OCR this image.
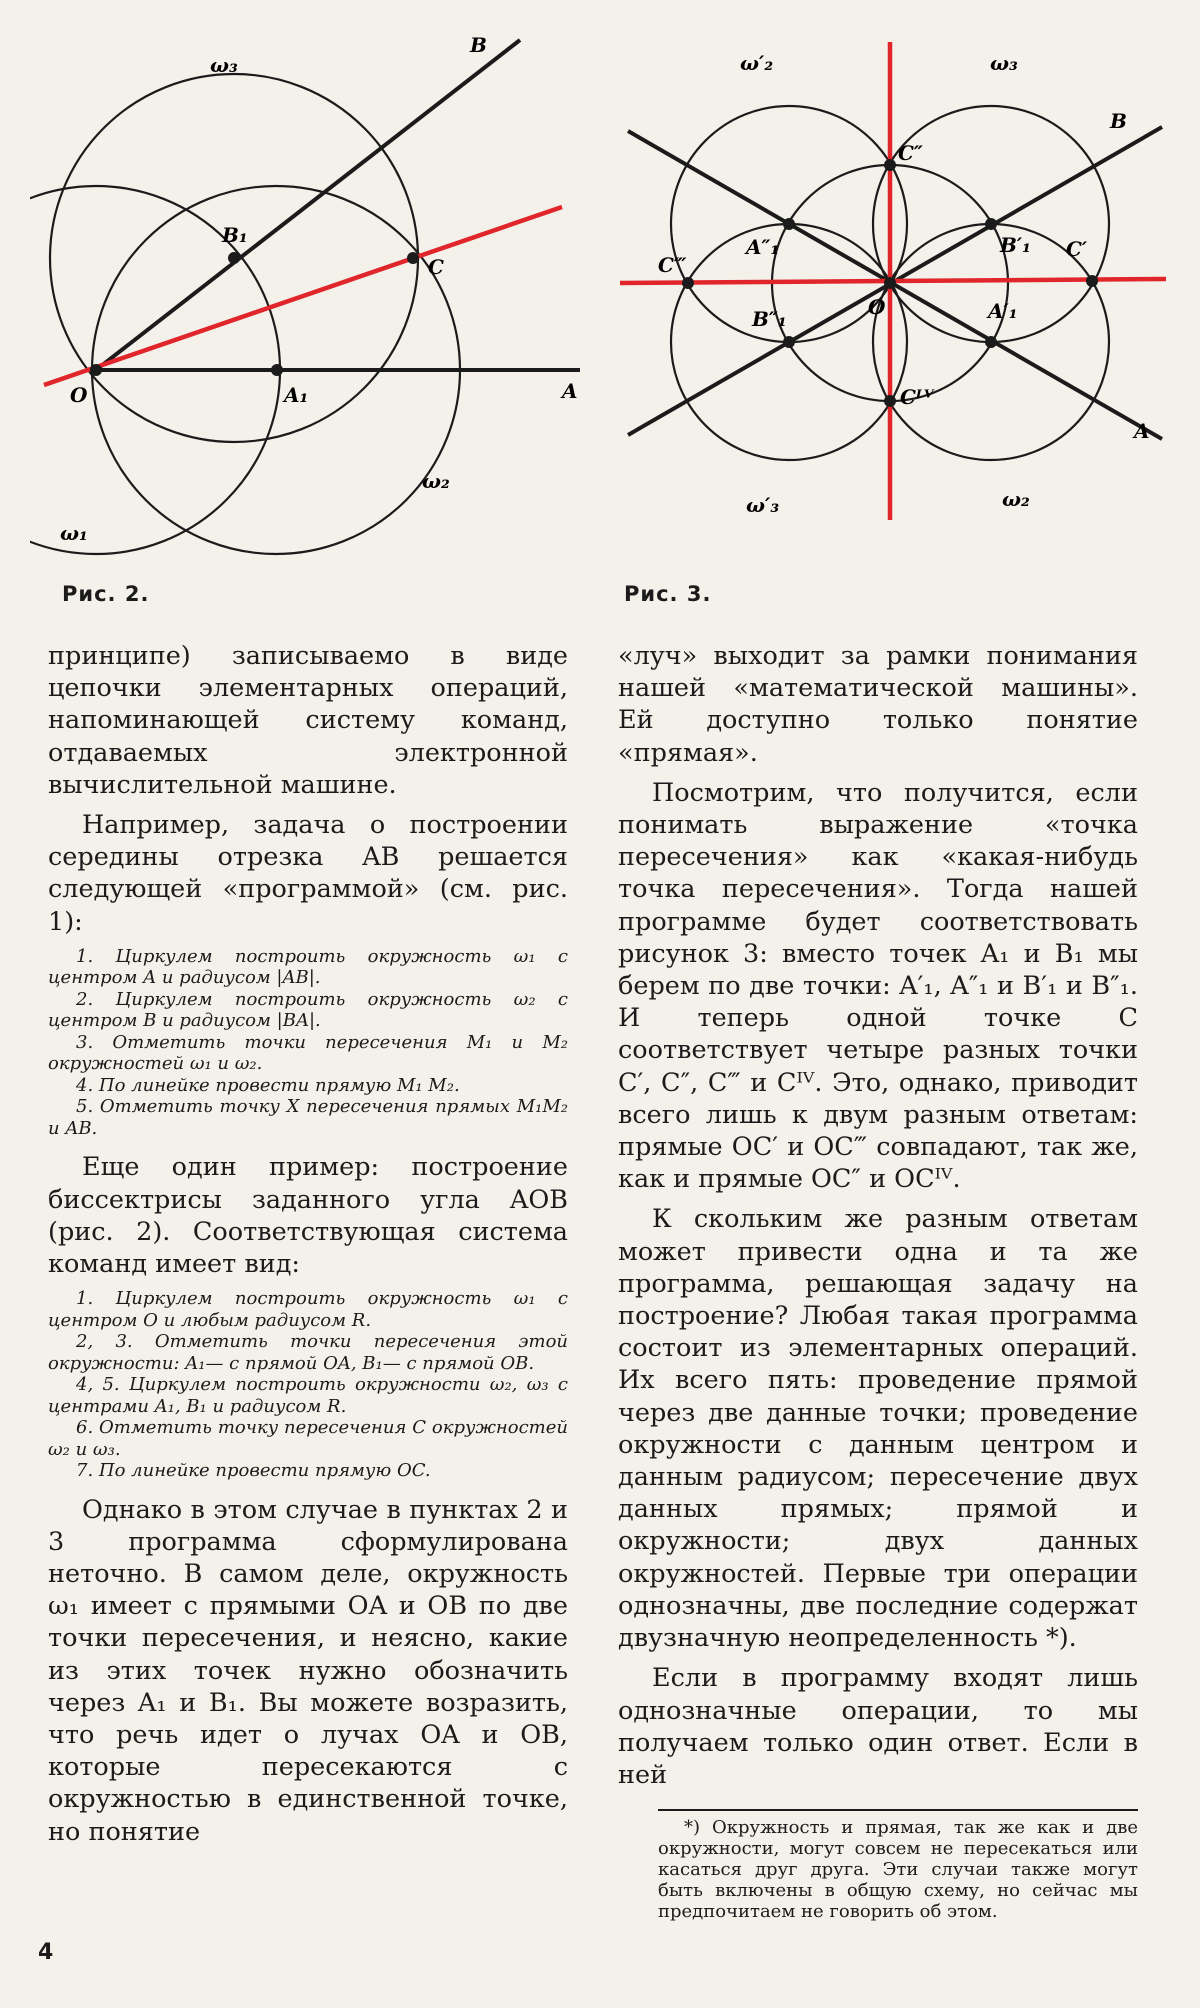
ω₃
B
B₁
C
O	A₁	A
ω₂
ω₁
ω′₂	ω₃
B
C″
C‴
A″₁	B′₁ C′
O
B″₁	A′₁
Cᴵⱽ
A
ω′₃	ω₂
Рис. 2.	Рис. 3.

принципе) записываемо в виде цепочки элементарных операций, напоминающей систему команд, отдаваемых электронной вычислительной машине.

Например, задача о построении середины отрезка AB решается следующей «программой» (см. рис. 1):

1. Циркулем построить окружность ω₁ с центром A и радиусом |AB|.
2. Циркулем построить окружность ω₂ с центром B и радиусом |BA|.
3. Отметить точки пересечения M₁ и M₂ окружностей ω₁ и ω₂.
4. По линейке провести прямую M₁ M₂.
5. Отметить точку X пересечения прямых M₁M₂ и AB.

Еще один пример: построение биссектрисы заданного угла AOB (рис. 2). Соответствующая система команд имеет вид:

1. Циркулем построить окружность ω₁ с центром O и любым радиусом R.
2, 3. Отметить точки пересечения этой окружности: A₁— с прямой OA, B₁— с прямой OB.
4, 5. Циркулем построить окружности ω₂, ω₃ с центрами A₁, B₁ и радиусом R.
6. Отметить точку пересечения C окружностей ω₂ и ω₃.
7. По линейке провести прямую OC.

Однако в этом случае в пунктах 2 и 3 программа сформулирована неточно. В самом деле, окружность ω₁ имеет с прямыми OA и OB по две точки пересечения, и неясно, какие из этих точек нужно обозначить через A₁ и B₁. Вы можете возразить, что речь идет о лучах OA и OB, которые пересекаются с окружностью в единственной точке, но понятие

«луч» выходит за рамки понимания нашей «математической машины». Ей доступно только понятие «прямая».

Посмотрим, что получится, если понимать выражение «точка пересечения» как «какая-нибудь точка пересечения». Тогда нашей программе будет соответствовать рисунок 3: вместо точек A₁ и B₁ мы берем по две точки: A′₁, A″₁ и B′₁ и B″₁. И теперь одной точке C соответствует четыре разных точки C′, C″, C‴ и Cᴵⱽ. Это, однако, приводит всего лишь к двум разным ответам: прямые OC′ и OC‴ совпадают, так же, как и прямые OC″ и OCᴵⱽ.

К скольким же разным ответам может привести одна и та же программа, решающая задачу на построение? Любая такая программа состоит из элементарных операций. Их всего пять: проведение прямой через две данные точки; проведение окружности с данным центром и данным радиусом; пересечение двух данных прямых; прямой и окружности; двух данных окружностей. Первые три операции однозначны, две последние содержат двузначную неопределенность *).

Если в программу входят лишь однозначные операции, то мы получаем только один ответ. Если в ней

*) Окружность и прямая, так же как и две окружности, могут совсем не пересекаться или касаться друг друга. Эти случаи также могут быть включены в общую схему, но сейчас мы предпочитаем не говорить об этом.
4
